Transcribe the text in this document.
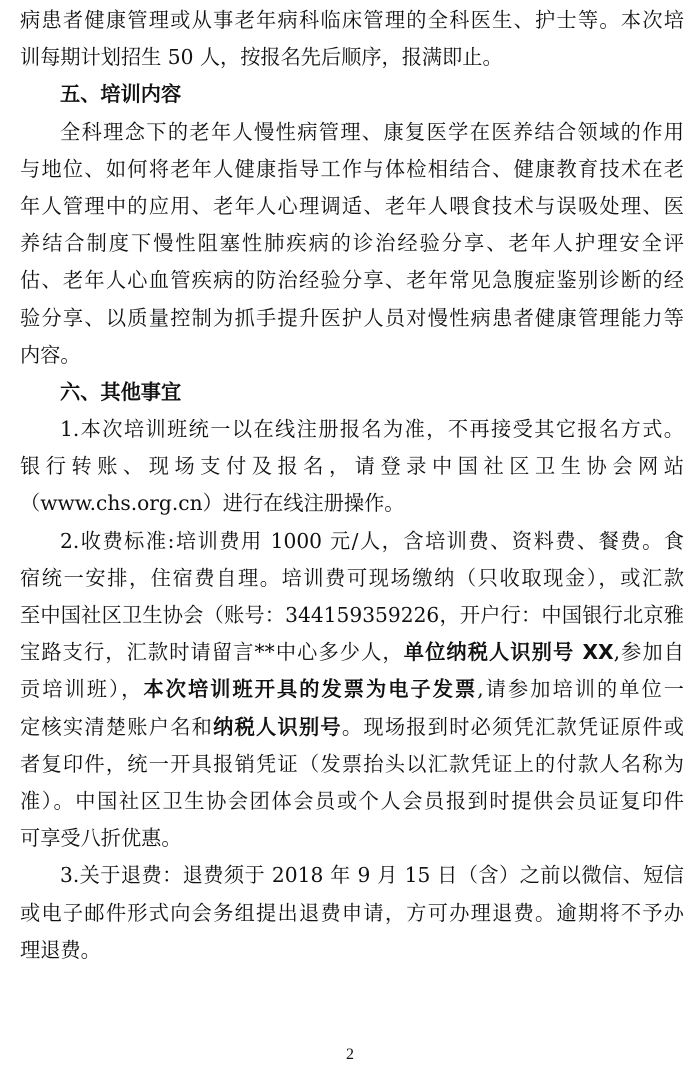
病患者健康管理或从事老年病科临床管理的全科医生、护士等。本次培
训每期计划招生 50 人，按报名先后顺序，报满即止。
五、培训内容
全科理念下的老年人慢性病管理、康复医学在医养结合领域的作用
与地位、如何将老年人健康指导工作与体检相结合、健康教育技术在老
年人管理中的应用、老年人心理调适、老年人喂食技术与误吸处理、医
养结合制度下慢性阻塞性肺疾病的诊治经验分享、老年人护理安全评
估、老年人心血管疾病的防治经验分享、老年常见急腹症鉴别诊断的经
验分享、以质量控制为抓手提升医护人员对慢性病患者健康管理能力等
内容。
六、其他事宜
1.本次培训班统一以在线注册报名为准，不再接受其它报名方式。
银行转账、现场支付及报名，请登录中国社区卫生协会网站
（www.chs.org.cn）进行在线注册操作。
2.收费标准:培训费用 1000 元/人，含培训费、资料费、餐费。食
宿统一安排，住宿费自理。培训费可现场缴纳（只收取现金），或汇款
至中国社区卫生协会（账号：344159359226，开户行：中国银行北京雅
宝路支行，汇款时请留言**中心多少人，单位纳税人识别号 XX,参加自
贡培训班），本次培训班开具的发票为电子发票,请参加培训的单位一
定核实清楚账户名和纳税人识别号。现场报到时必须凭汇款凭证原件或
者复印件，统一开具报销凭证（发票抬头以汇款凭证上的付款人名称为
准）。中国社区卫生协会团体会员或个人会员报到时提供会员证复印件
可享受八折优惠。
3.关于退费：退费须于 2018 年 9 月 15 日（含）之前以微信、短信
或电子邮件形式向会务组提出退费申请，方可办理退费。逾期将不予办
理退费。
2
